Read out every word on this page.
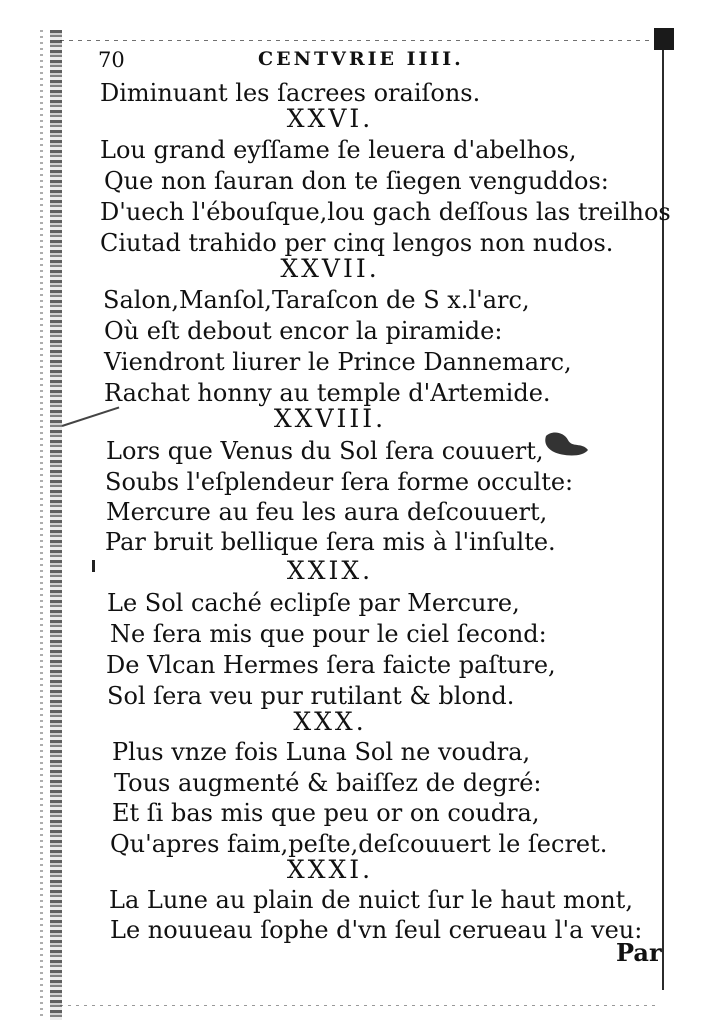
70	CENTVRIE IIII.
Diminuant les ſacrees oraiſons.
XXVI.
Lou grand eyſſame ſe leuera d'abelhos,
Que non ſauran don te ſiegen venguddos:
D'uech l'ébouſque,lou gach deſſous las treilhos
Ciutad trahido per cinq lengos non nudos.
XXVII.
Salon,Manſol,Taraſcon de S x.l'arc,
Où eſt debout encor la piramide:
Viendront liurer le Prince Dannemarc,
Rachat honny au temple d'Artemide.
XXVIII.
Lors que Venus du Sol ſera couuert,
Soubs l'eſplendeur ſera forme occulte:
Mercure au feu les aura deſcouuert,
Par bruit bellique ſera mis à l'inſulte.
XXIX.
Le Sol caché eclipſe par Mercure,
Ne ſera mis que pour le ciel ſecond:
De Vlcan Hermes ſera faicte paſture,
Sol ſera veu pur rutilant & blond.
XXX.
Plus vnze fois Luna Sol ne voudra,
Tous augmenté & baiſſez de degré:
Et ſi bas mis que peu or on coudra,
Qu'apres faim,peſte,deſcouuert le ſecret.
XXXI.
La Lune au plain de nuict ſur le haut mont,
Le nouueau ſophe d'vn ſeul cerueau l'a veu:
Par
